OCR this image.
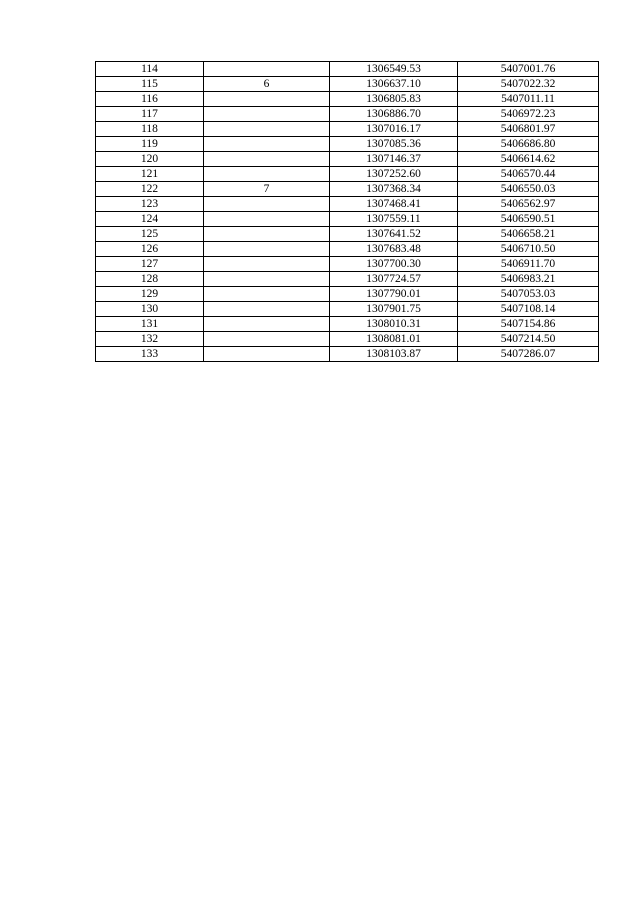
114		1306549.53	5407001.76
115	6	1306637.10	5407022.32
116		1306805.83	5407011.11
117		1306886.70	5406972.23
118		1307016.17	5406801.97
119		1307085.36	5406686.80
120		1307146.37	5406614.62
121		1307252.60	5406570.44
122	7	1307368.34	5406550.03
123		1307468.41	5406562.97
124		1307559.11	5406590.51
125		1307641.52	5406658.21
126		1307683.48	5406710.50
127		1307700.30	5406911.70
128		1307724.57	5406983.21
129		1307790.01	5407053.03
130		1307901.75	5407108.14
131		1308010.31	5407154.86
132		1308081.01	5407214.50
133		1308103.87	5407286.07
